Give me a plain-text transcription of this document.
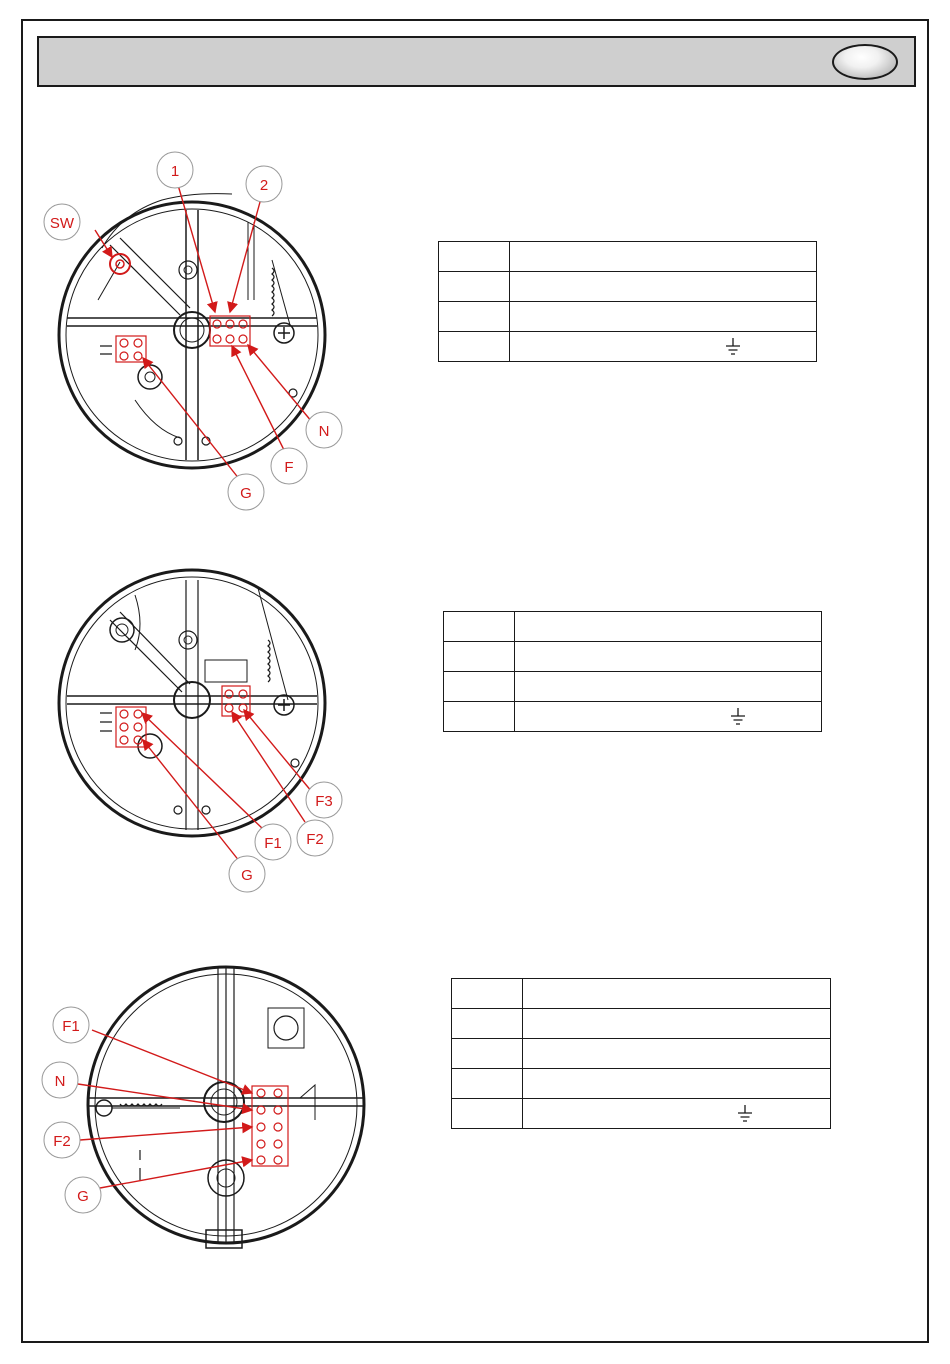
SW
1
2
N
F
G

F3
F2
F1
G

F1
N
F2
G
